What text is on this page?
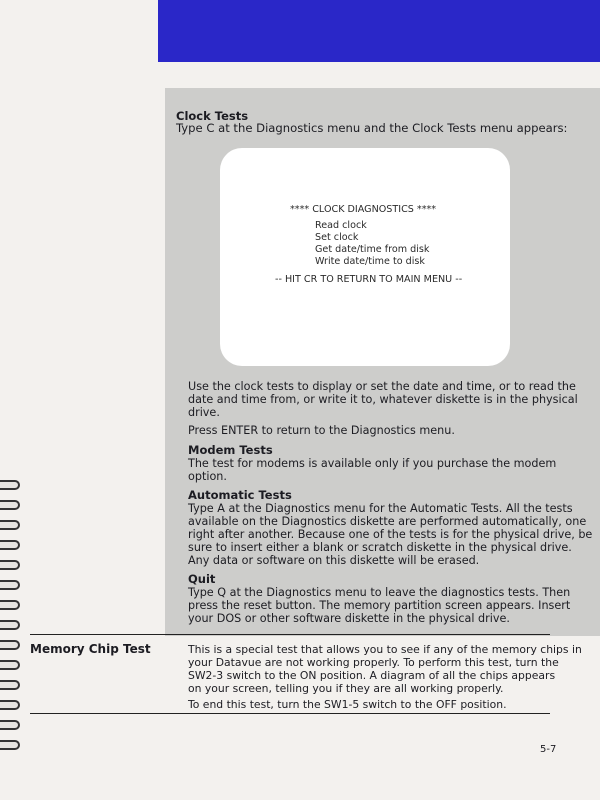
Clock Tests
Type C at the Diagnostics menu and the Clock Tests menu appears:
**** CLOCK DIAGNOSTICS ****
Read clock
Set clock
Get date/time from disk
Write date/time to disk
-- HIT CR TO RETURN TO MAIN MENU --
Use the clock tests to display or set the date and time, or to read the
date and time from, or write it to, whatever diskette is in the physical
drive.
Press ENTER to return to the Diagnostics menu.
Modem Tests
The test for modems is available only if you purchase the modem
option.
Automatic Tests
Type A at the Diagnostics menu for the Automatic Tests. All the tests
available on the Diagnostics diskette are performed automatically, one
right after another. Because one of the tests is for the physical drive, be
sure to insert either a blank or scratch diskette in the physical drive.
Any data or software on this diskette will be erased.
Quit
Type Q at the Diagnostics menu to leave the diagnostics tests. Then
press the reset button. The memory partition screen appears. Insert
your DOS or other software diskette in the physical drive.
Memory Chip Test	This is a special test that allows you to see if any of the memory chips in
your Datavue are not working properly. To perform this test, turn the
SW2-3 switch to the ON position. A diagram of all the chips appears
on your screen, telling you if they are all working properly.
To end this test, turn the SW1-5 switch to the OFF position.
5-7
